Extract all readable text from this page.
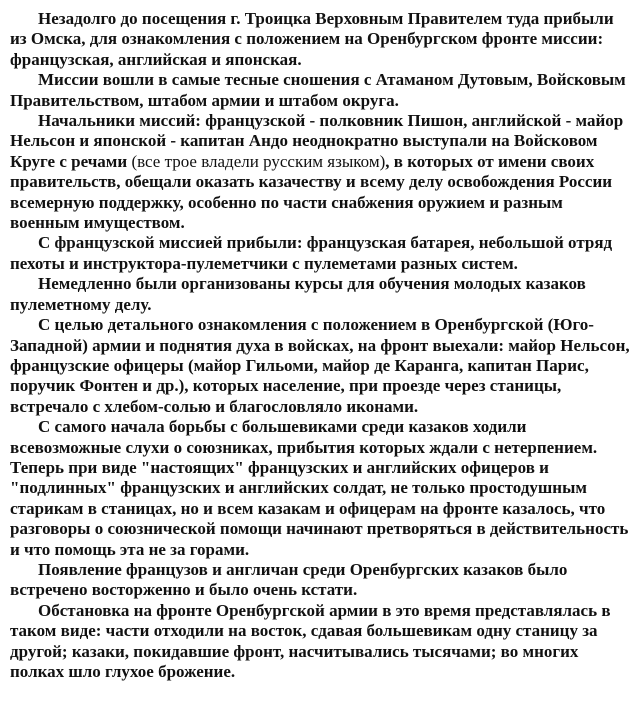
Незадолго до посещения г. Троицка Верховным Правителем туда прибыли из Омска, для ознакомления с положением на Оренбургском фронте миссии: французская, английская и японская.

Миссии вошли в самые тесные сношения с Атаманом Дутовым, Войсковым Правительством, штабом армии и штабом округа.

Начальники миссий: французской - полковник Пишон, английской - майор Нельсон и японской - капитан Андо неоднократно выступали на Войсковом Круге с речами (все трое владели русским языком), в которых от имени своих правительств, обещали оказать казачеству и всему делу освобождения России всемерную поддержку, особенно по части снабжения оружием и разным военным имуществом.

С французской миссией прибыли: французская батарея, небольшой отряд пехоты и инструктора-пулеметчики с пулеметами разных систем.

Немедленно были организованы курсы для обучения молодых казаков пулеметному делу.

С целью детального ознакомления с положением в Оренбургской (Юго-Западной) армии и поднятия духа в войсках, на фронт выехали: майор Нельсон, французские офицеры (майор Гильоми, майор де Каранга, капитан Парис, поручик Фонтен и др.), которых население, при проезде через станицы, встречало с хлебом-солью и благословляло иконами.

С самого начала борьбы с большевиками среди казаков ходили всевозможные слухи о союзниках, прибытия которых ждали с нетерпением. Теперь при виде "настоящих" французских и английских офицеров и "подлинных" французских и английских солдат, не только простодушным старикам в станицах, но и всем казакам и офицерам на фронте казалось, что разговоры о союзнической помощи начинают претворяться в действительность и что помощь эта не за горами.

Появление французов и англичан среди Оренбургских казаков было встречено восторженно и было очень кстати.

Обстановка на фронте Оренбургской армии в это время представлялась в таком виде: части отходили на восток, сдавая большевикам одну станицу за другой; казаки, покидавшие фронт, насчитывались тысячами; во многих полках шло глухое брожение.
